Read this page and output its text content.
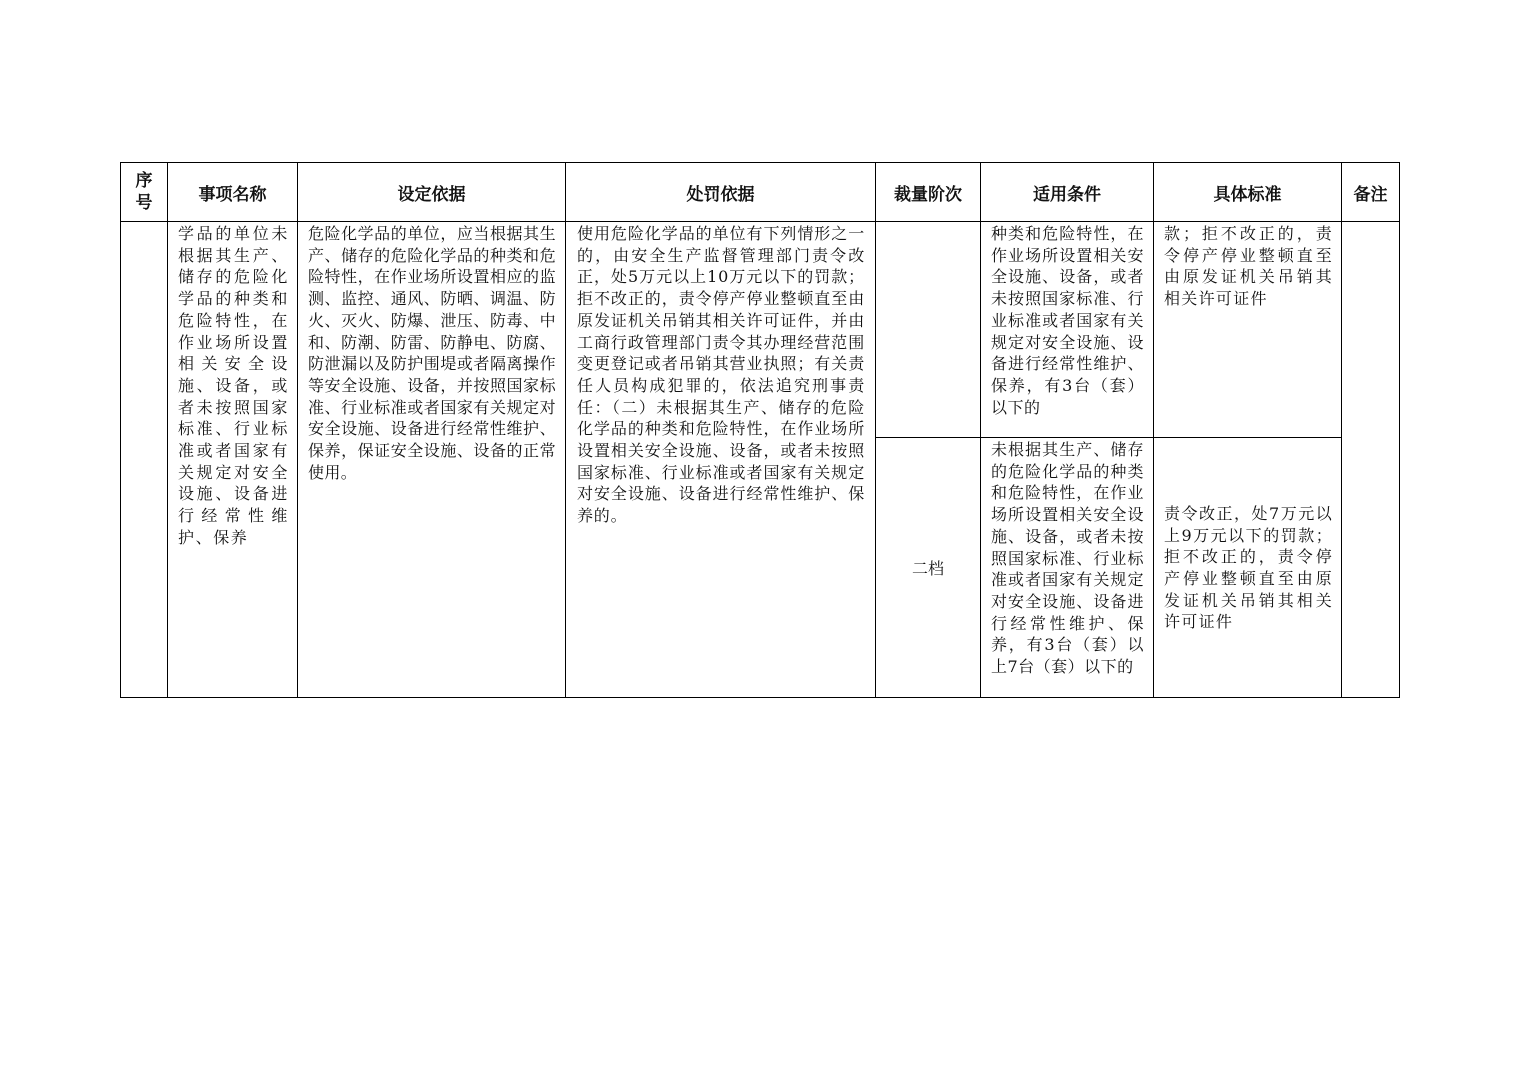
序号	事项名称	设定依据	处罚依据	裁量阶次	适用条件	具体标准	备注

	学品的单位未根据其生产、储存的危险化学品的种类和危险特性，在作业场所设置相关安全设施、设备，或者未按照国家标准、行业标准或者国家有关规定对安全设施、设备进行经常性维护、保养	危险化学品的单位，应当根据其生产、储存的危险化学品的种类和危险特性，在作业场所设置相应的监测、监控、通风、防晒、调温、防火、灭火、防爆、泄压、防毒、中和、防潮、防雷、防静电、防腐、防泄漏以及防护围堤或者隔离操作等安全设施、设备，并按照国家标准、行业标准或者国家有关规定对安全设施、设备进行经常性维护、保养，保证安全设施、设备的正常使用。	使用危险化学品的单位有下列情形之一的，由安全生产监督管理部门责令改正，处5万元以上10万元以下的罚款；拒不改正的，责令停产停业整顿直至由原发证机关吊销其相关许可证件，并由工商行政管理部门责令其办理经营范围变更登记或者吊销其营业执照；有关责任人员构成犯罪的，依法追究刑事责任：（二）未根据其生产、储存的危险化学品的种类和危险特性，在作业场所设置相关安全设施、设备，或者未按照国家标准、行业标准或者国家有关规定对安全设施、设备进行经常性维护、保养的。		种类和危险特性，在作业场所设置相关安全设施、设备，或者未按照国家标准、行业标准或者国家有关规定对安全设施、设备进行经常性维护、保养，有3台（套）以下的	款；拒不改正的，责令停产停业整顿直至由原发证机关吊销其相关许可证件	

				二档	未根据其生产、储存的危险化学品的种类和危险特性，在作业场所设置相关安全设施、设备，或者未按照国家标准、行业标准或者国家有关规定对安全设施、设备进行经常性维护、保养，有3台（套）以上7台（套）以下的	责令改正，处7万元以上9万元以下的罚款；拒不改正的，责令停产停业整顿直至由原发证机关吊销其相关许可证件	
